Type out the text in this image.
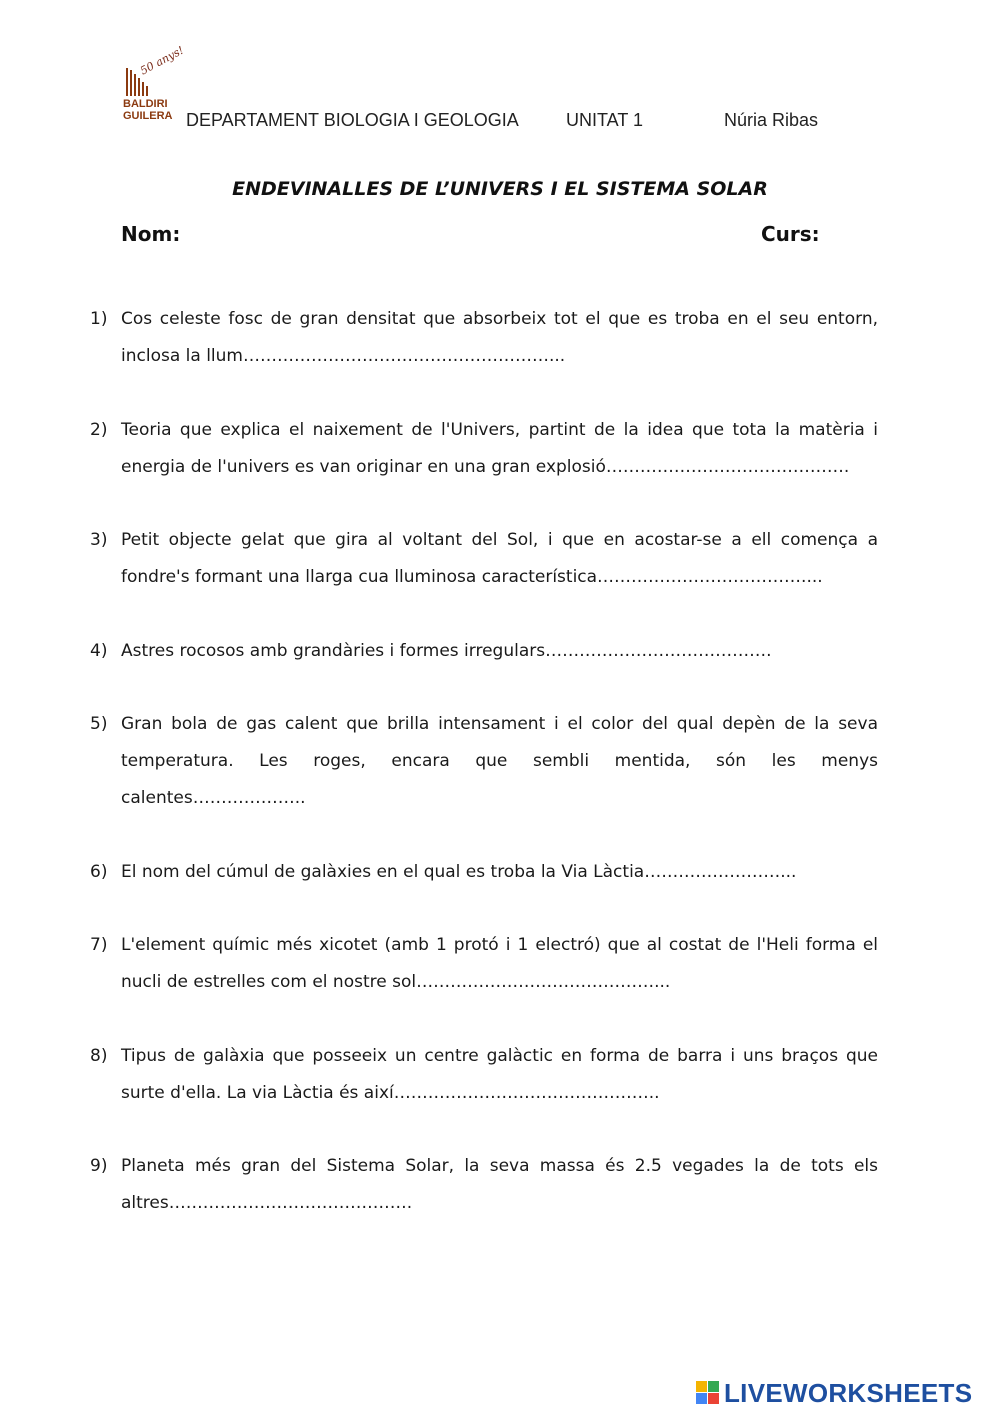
50 anys!
BALDIRI
GUILERA DEPARTAMENT BIOLOGIA I GEOLOGIA	UNITAT 1	Núria Ribas
ENDEVINALLES DE L’UNIVERS I EL SISTEMA SOLAR
Nom:	Curs:
1) Cos celeste fosc de gran densitat que absorbeix tot el que es troba en el seu entorn, inclosa la llum………………………………………………...
2) Teoria que explica el naixement de l'Univers, partint de la idea que tota la matèria i energia de l'univers es van originar en una gran explosió…………………………………….
3) Petit objecte gelat que gira al voltant del Sol, i que en acostar-se a ell comença a fondre's formant una llarga cua lluminosa característica………………………………....
4) Astres rocosos amb grandàries i formes irregulars………………………………….
5) Gran bola de gas calent que brilla intensament i el color del qual depèn de la seva temperatura. Les roges, encara que sembli mentida, són les menys calentes………………..
6) El nom del cúmul de galàxies en el qual es troba la Via Làctia……………………...
7) L'element químic més xicotet (amb 1 protó i 1 electró) que al costat de l'Heli forma el nucli de estrelles com el nostre sol……………………………………...
8) Tipus de galàxia que posseeix un centre galàctic en forma de barra i uns braços que surte d'ella. La via Làctia és així………………………………………..
9) Planeta més gran del Sistema Solar, la seva massa és 2.5 vegades la de tots els altres…………………………………….
LIVEWORKSHEETS
